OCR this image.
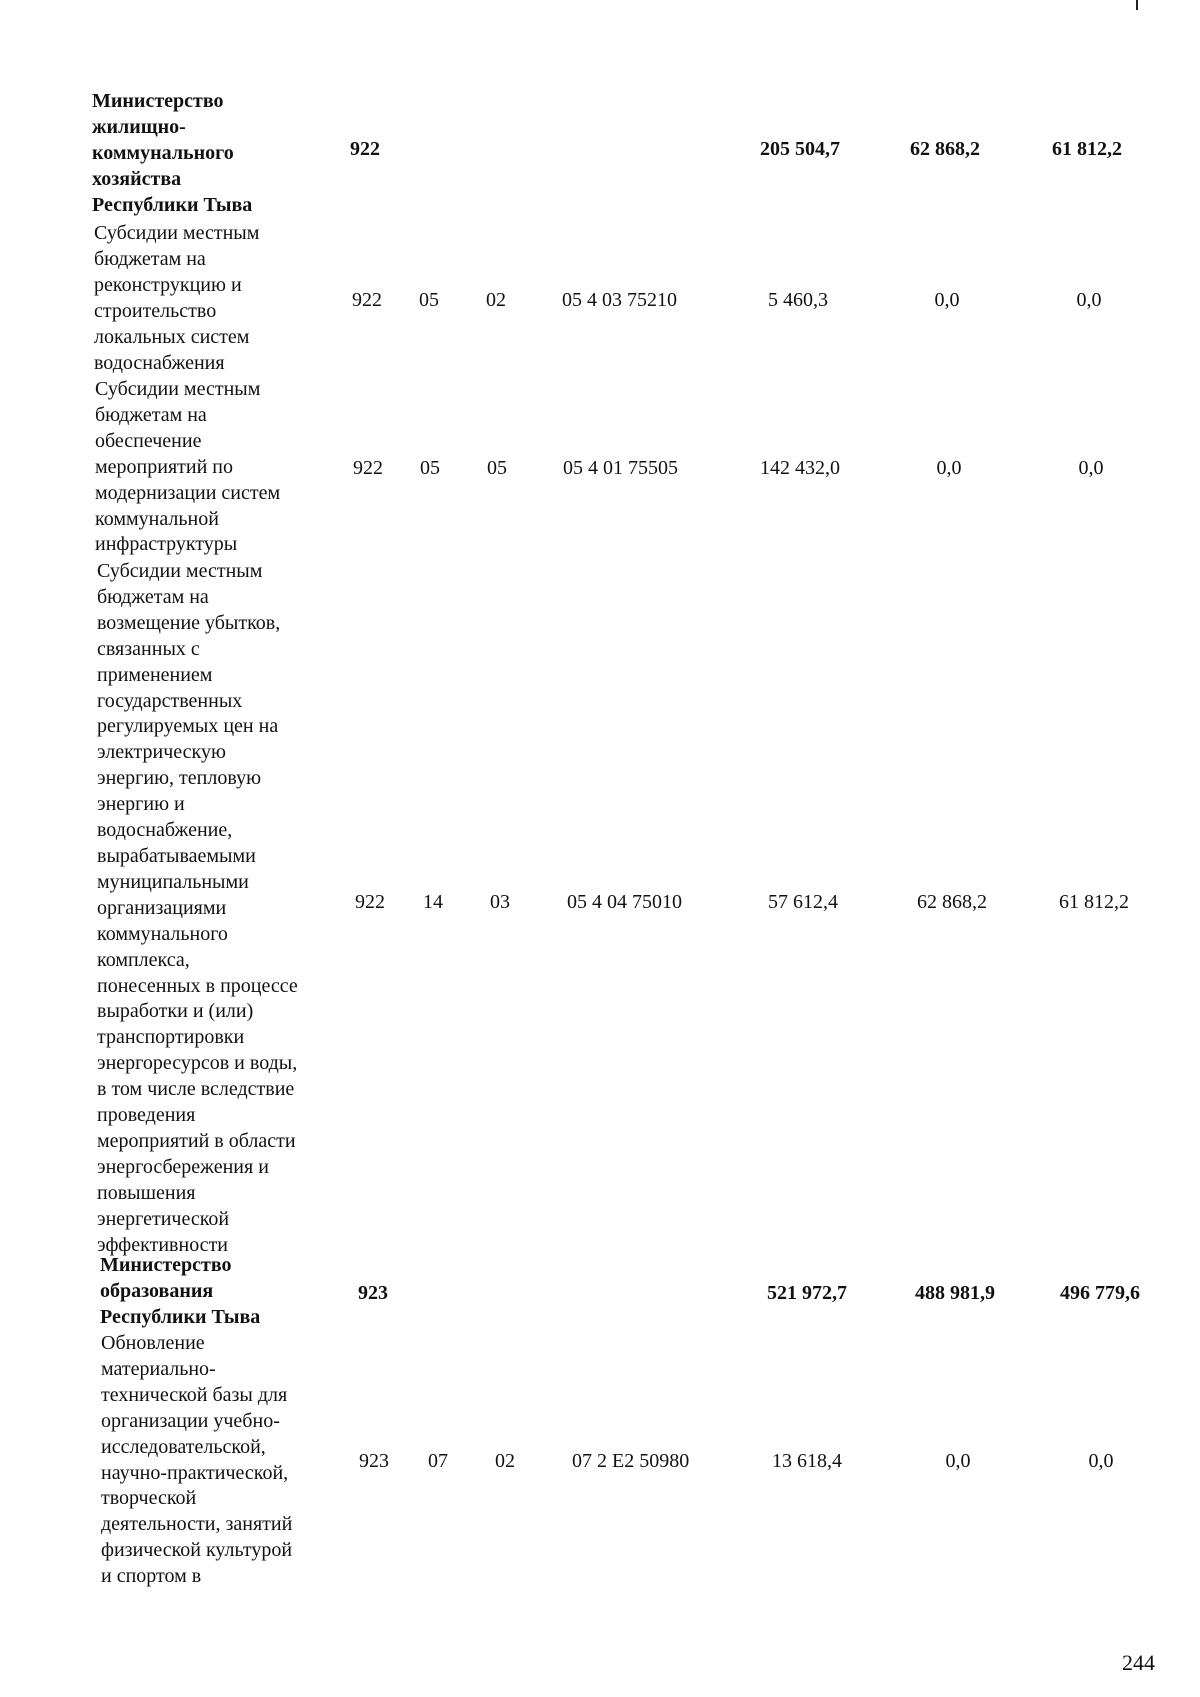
Министерство
жилищно-
коммунального
хозяйства
Республики Тыва
922	205 504,7	62 868,2	61 812,2
Субсидии местным
бюджетам на
реконструкцию и
строительство
локальных систем
водоснабжения
922 05 02	05 4 03 75210	5 460,3	0,0	0,0
Субсидии местным
бюджетам на
обеспечение
мероприятий по
модернизации систем
коммунальной
инфраструктуры
922 05 05	05 4 01 75505	142 432,0	0,0	0,0
Субсидии местным
бюджетам на
возмещение убытков,
связанных с
применением
государственных
регулируемых цен на
электрическую
энергию, тепловую
энергию и
водоснабжение,
вырабатываемыми
муниципальными
организациями
коммунального
комплекса,
понесенных в процессе
выработки и (или)
транспортировки
энергоресурсов и воды,
в том числе вследствие
проведения
мероприятий в области
энергосбережения и
повышения
энергетической
эффективности
922 14 03	05 4 04 75010	57 612,4	62 868,2	61 812,2
Министерство
образования
Республики Тыва
923	521 972,7	488 981,9	496 779,6
Обновление
материально-
технической базы для
организации учебно-
исследовательской,
научно-практической,
творческой
деятельности, занятий
физической культурой
и спортом в
923 07 02	07 2 E2 50980	13 618,4	0,0	0,0
244
